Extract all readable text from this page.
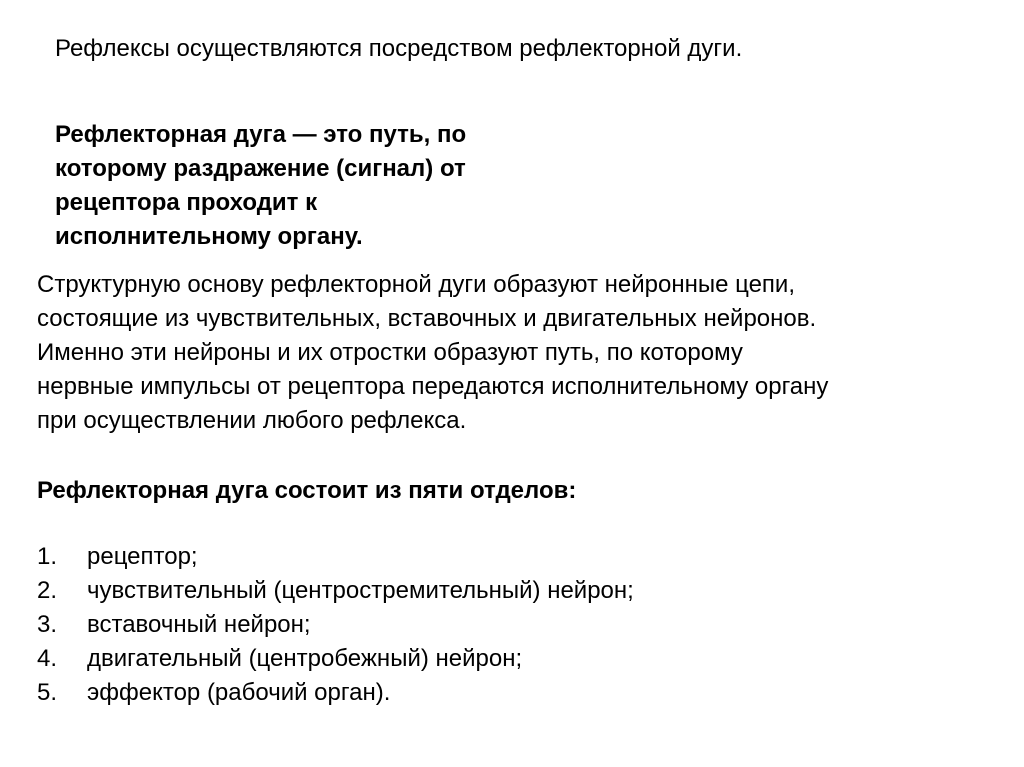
Рефлексы осуществляются посредством рефлекторной дуги.
Рефлекторная дуга — это путь, по
которому раздражение (сигнал) от
рецептора проходит к
исполнительному органу.
Структурную основу рефлекторной дуги образуют нейронные цепи,
состоящие из чувствительных, вставочных и двигательных нейронов.
Именно эти нейроны и их отростки образуют путь, по которому
нервные импульсы от рецептора передаются исполнительному органу
при осуществлении любого рефлекса.
Рефлекторная дуга состоит из пяти отделов:
1.	рецептор;
2.	чувствительный (центростремительный) нейрон;
3.	вставочный нейрон;
4.	двигательный (центробежный) нейрон;
5.	эффектор (рабочий орган).
